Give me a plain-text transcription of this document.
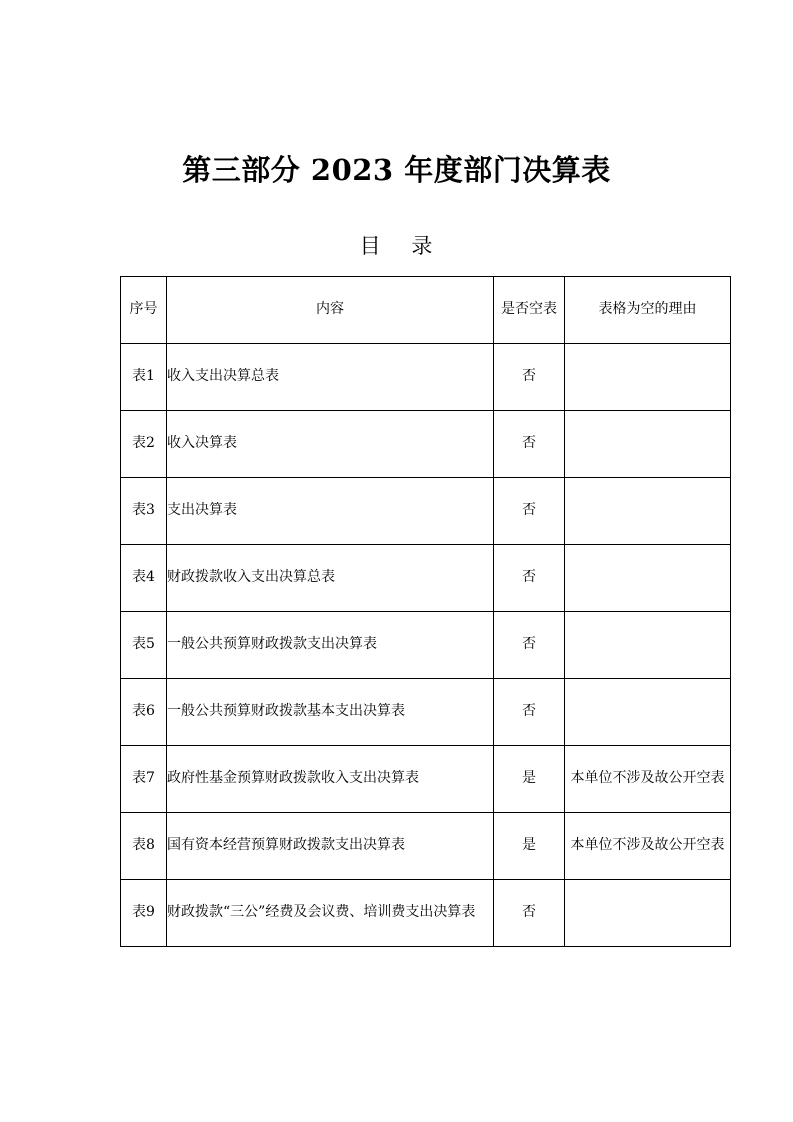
第三部分 2023 年度部门决算表
目 录
序号	内容	是否空表	表格为空的理由
表1	收入支出决算总表	否	
表2	收入决算表	否	
表3	支出决算表	否	
表4	财政拨款收入支出决算总表	否	
表5	一般公共预算财政拨款支出决算表	否	
表6	一般公共预算财政拨款基本支出决算表	否	
表7	政府性基金预算财政拨款收入支出决算表	是	本单位不涉及故公开空表
表8	国有资本经营预算财政拨款支出决算表	是	本单位不涉及故公开空表
表9	财政拨款“三公”经费及会议费、培训费支出决算表	否	
